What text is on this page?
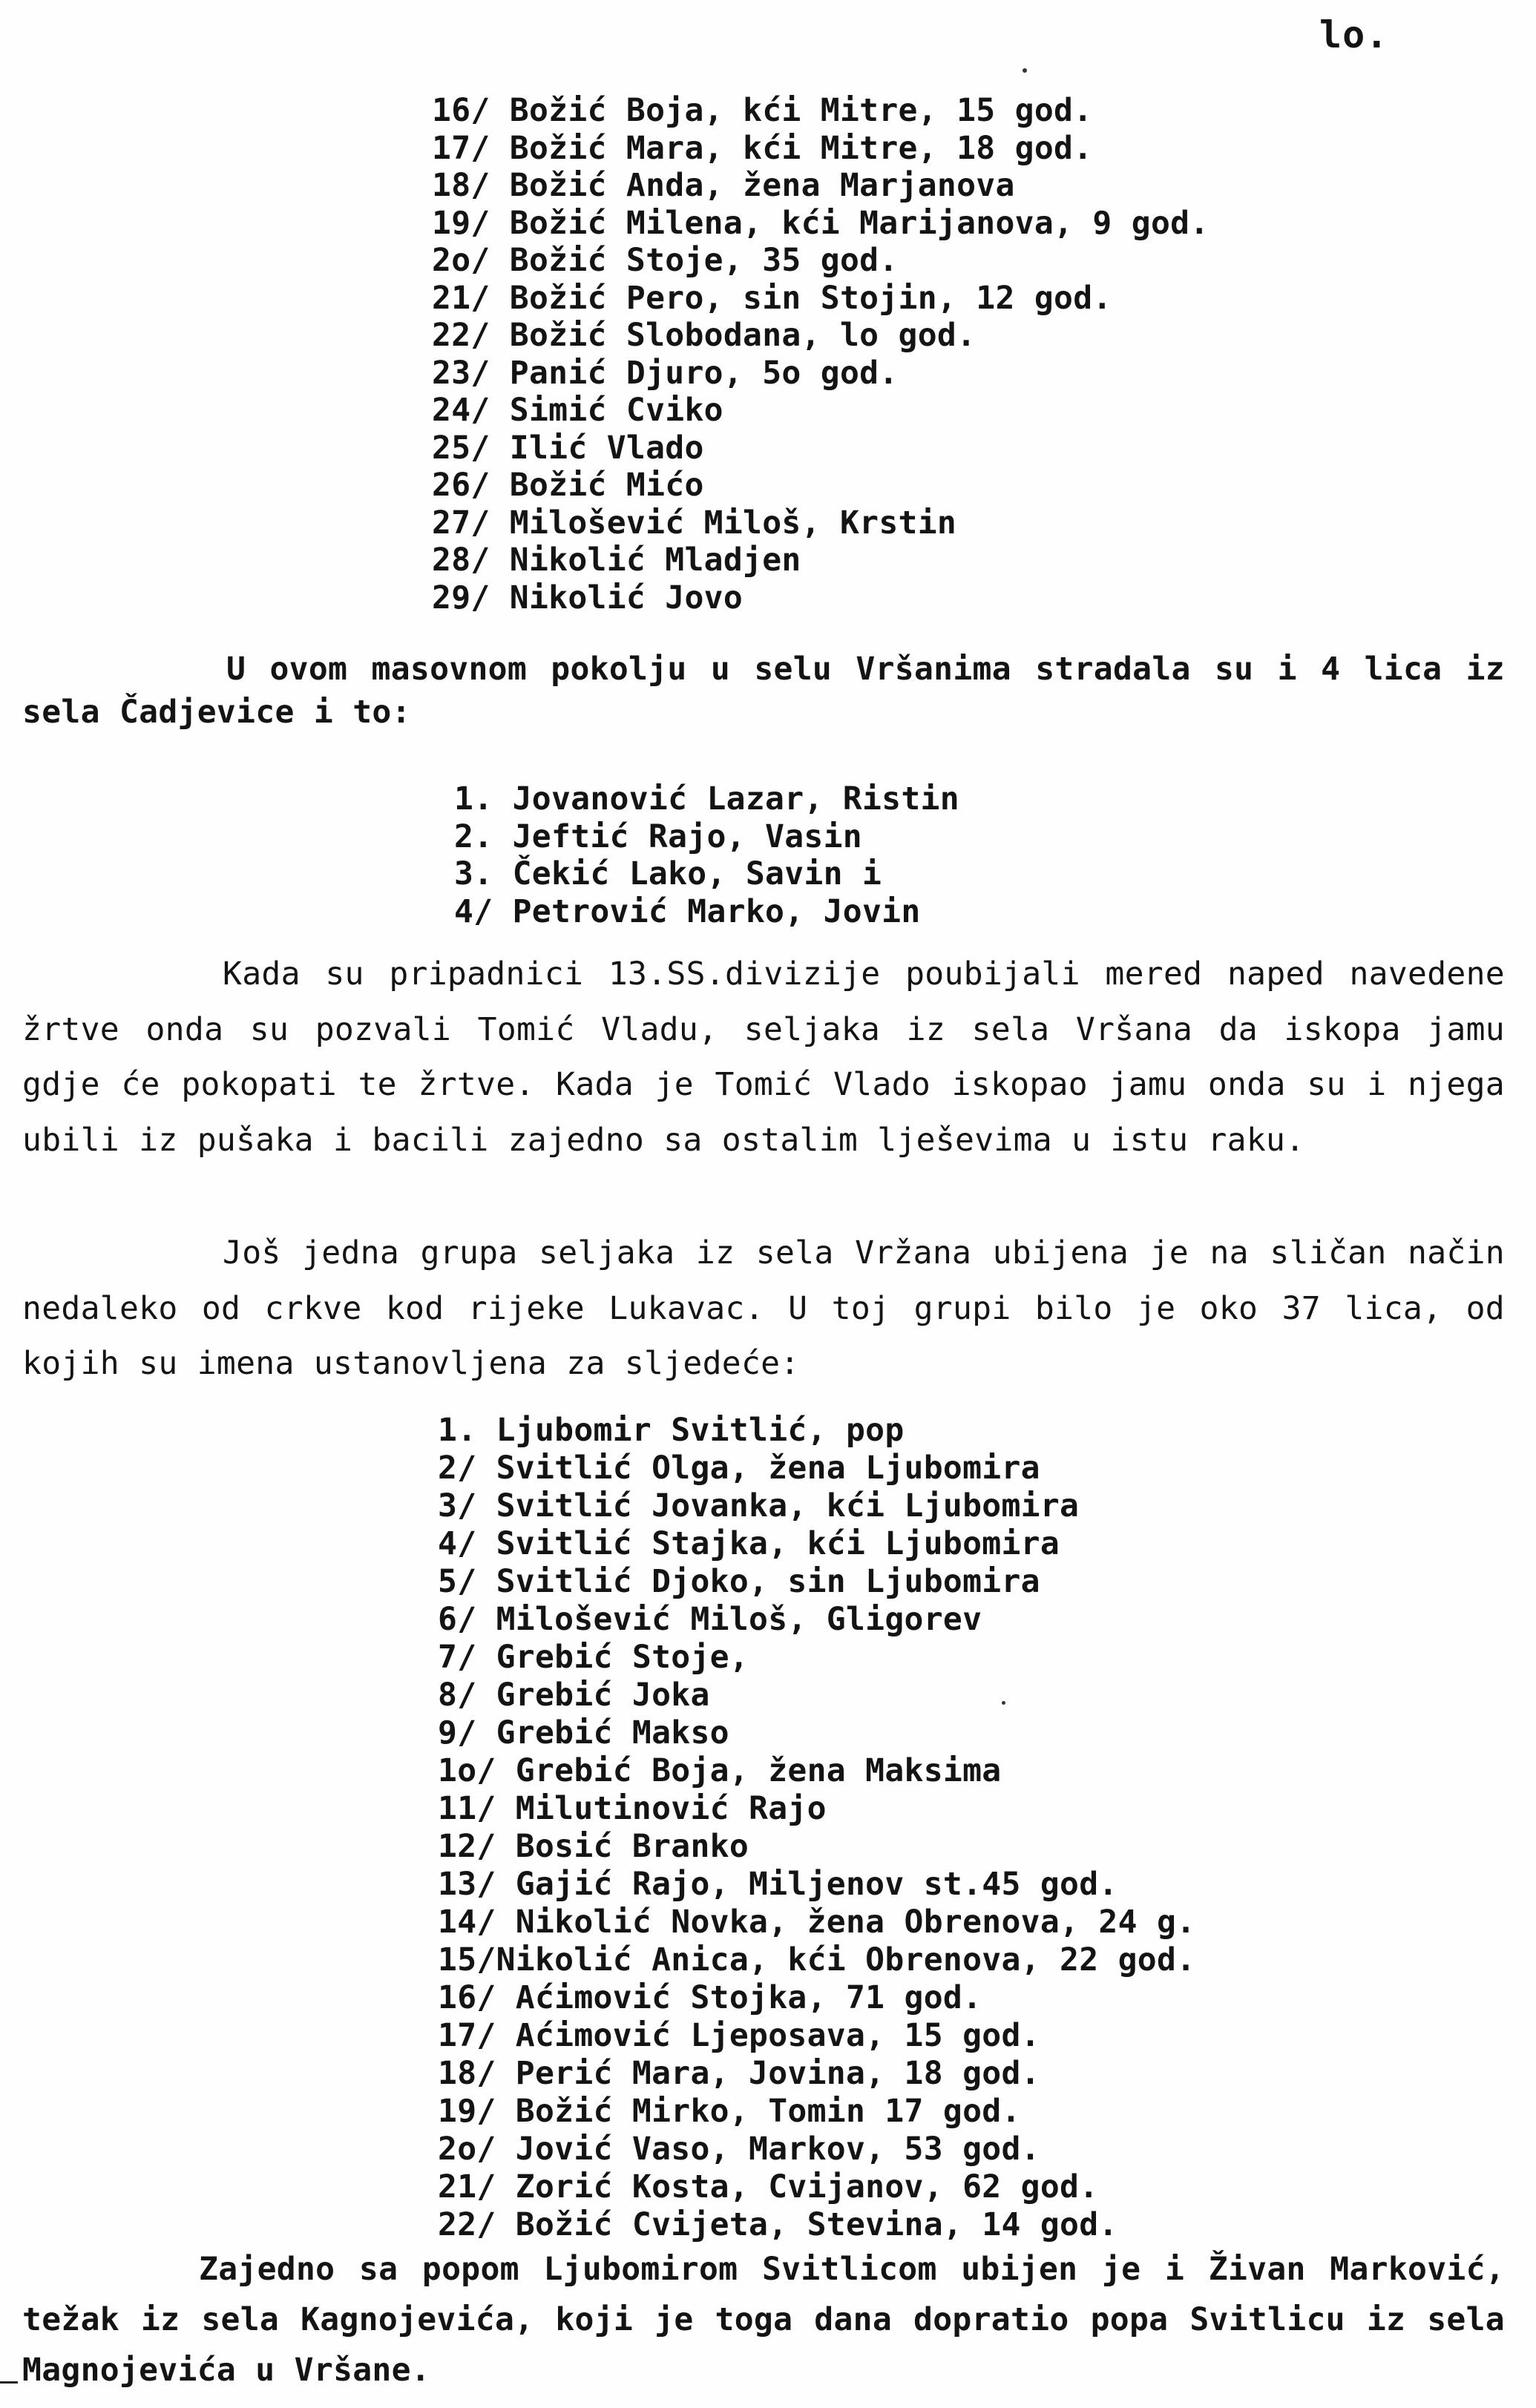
lo.
16/ Božić Boja, kći Mitre, 15 god.
17/ Božić Mara, kći Mitre, 18 god.
18/ Božić Anda, žena Marjanova
19/ Božić Milena, kći Marijanova, 9 god.
2o/ Božić Stoje, 35 god.
21/ Božić Pero, sin Stojin, 12 god.
22/ Božić Slobodana, lo god.
23/ Panić Djuro, 5o god.
24/ Simić Cviko
25/ Ilić Vlado
26/ Božić Mićo
27/ Milošević Miloš, Krstin
28/ Nikolić Mladjen
29/ Nikolić Jovo

U ovom masovnom pokolju u selu Vršanima stradala su i 4 lica iz sela Čadjevice i to:

1. Jovanović Lazar, Ristin
2. Jeftić Rajo, Vasin
3. Čekić Lako, Savin i
4/ Petrović Marko, Jovin

Kada su pripadnici 13.SS.divizije poubijali mered naped navedene žrtve onda su pozvali Tomić Vladu, seljaka iz sela Vršana da iskopa jamu gdje će pokopati te žrtve. Kada je Tomić Vlado iskopao jamu onda su i njega ubili iz pušaka i bacili zajedno sa ostalim lješevima u istu raku.

Još jedna grupa seljaka iz sela Vržana ubijena je na sličan način nedaleko od crkve kod rijeke Lukavac. U toj grupi bilo je oko 37 lica, od kojih su imena ustanovljena za sljedeće:

1. Ljubomir Svitlić, pop
2/ Svitlić Olga, žena Ljubomira
3/ Svitlić Jovanka, kći Ljubomira
4/ Svitlić Stajka, kći Ljubomira
5/ Svitlić Djoko, sin Ljubomira
6/ Milošević Miloš, Gligorev
7/ Grebić Stoje,
8/ Grebić Joka
9/ Grebić Makso
1o/ Grebić Boja, žena Maksima
11/ Milutinović Rajo
12/ Bosić Branko
13/ Gajić Rajo, Miljenov st.45 god.
14/ Nikolić Novka, žena Obrenova, 24 g.
15/Nikolić Anica, kći Obrenova, 22 god.
16/ Aćimović Stojka, 71 god.
17/ Aćimović Ljeposava, 15 god.
18/ Perić Mara, Jovina, 18 god.
19/ Božić Mirko, Tomin 17 god.
2o/ Jović Vaso, Markov, 53 god.
21/ Zorić Kosta, Cvijanov, 62 god.
22/ Božić Cvijeta, Stevina, 14 god.

Zajedno sa popom Ljubomirom Svitlicom ubijen je i Živan Marković, težak iz sela Kagnojevića, koji je toga dana dopratio popa Svitlicu iz sela Magnojevića u Vršane.
